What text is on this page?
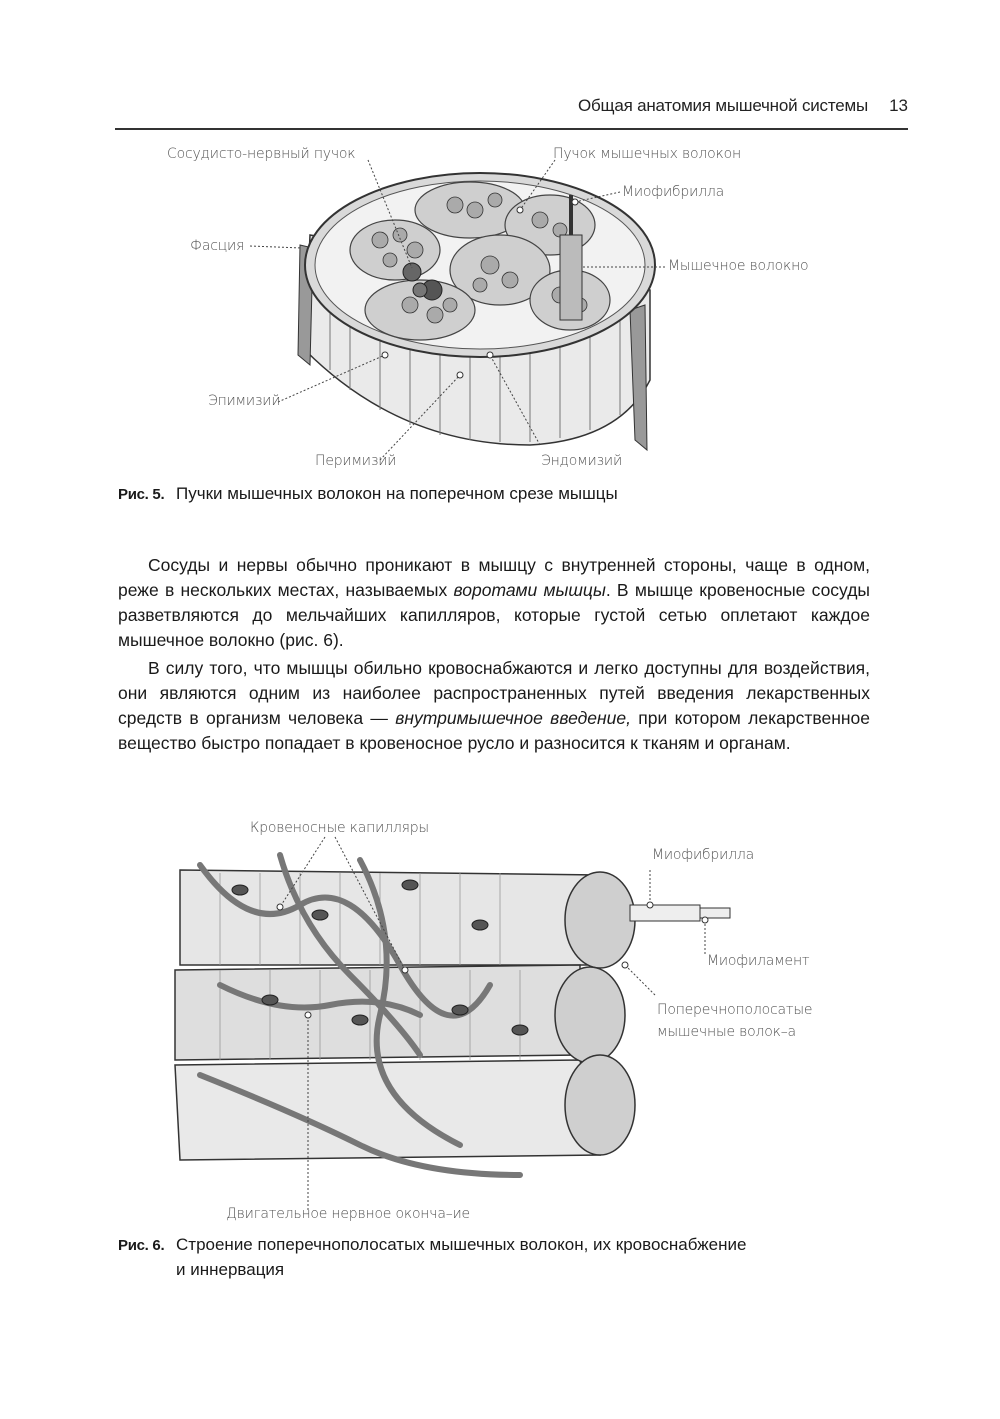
Общая анатомия мышечной системы 13
Сосудисто-нервный пучок	Пучок мышечных волокон
Миофибрилла
Фасция
Мышечное волокно
Эпимизий
Перимизий	Эндомизий
Рис. 5. Пучки мышечных волокон на поперечном срезе мышцы

Сосуды и нервы обычно проникают в мышцу с внутренней стороны, чаще в одном, реже в нескольких местах, называемых воротами мышцы. В мышце кровеносные сосуды разветвляются до мельчайших капилляров, которые густой сетью оплетают каждое мышечное волокно (рис. 6).

В силу того, что мышцы обильно кровоснабжаются и легко доступны для воздействия, они являются одним из наиболее распространенных путей введения лекарственных средств в организм человека — внутримышечное введение, при котором лекарственное вещество быстро попадает в кровеносное русло и разносится к тканям и органам.

Кровеносные капилляры
Миофибрилла
Миофиламент
Поперечнополосатые
мышечные волок–а
Двигательное нервное оконча–ие
Рис. 6. Строение поперечнополосатых мышечных волокон, их кровоснабжение
и иннервация
